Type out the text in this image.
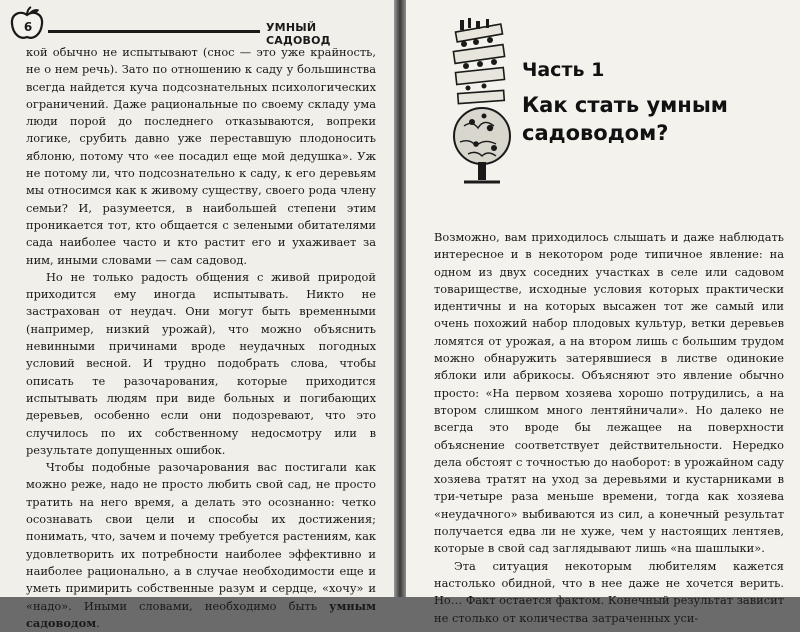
6	УМНЫЙ САДОВОД

кой обычно не испытывают (снос — это уже крайность, не о нем речь). Зато по отношению к саду у большинства всегда найдется куча подсознательных психологических ограничений. Даже рациональные по своему складу ума люди порой до последнего отказываются, вопреки логике, срубить давно уже переставшую плодоносить яблоню, потому что «ее посадил еще мой дедушка». Уж не потому ли, что подсознательно к саду, к его деревьям мы относимся как к живому существу, своего рода члену семьи? И, разумеется, в наибольшей степени этим проникается тот, кто общается с зелеными обитателями сада наиболее часто и кто растит его и ухаживает за ним, иными словами — сам садовод.

Но не только радость общения с живой природой приходится ему иногда испытывать. Никто не застрахован от неудач. Они могут быть временными (например, низкий урожай), что можно объяснить невинными причинами вроде неудачных погодных условий весной. И трудно подобрать слова, чтобы описать те разочарования, которые приходится испытывать людям при виде больных и погибающих деревьев, особенно если они подозревают, что это случилось по их собственному недосмотру или в результате допущенных ошибок.

Чтобы подобные разочарования вас постигали как можно реже, надо не просто любить свой сад, не просто тратить на него время, а делать это осознанно: четко осознавать свои цели и способы их достижения; понимать, что, зачем и почему требуется растениям, как удовлетворить их потребности наиболее эффективно и наиболее рационально, а в случае необходимости еще и уметь примирить собственные разум и сердце, «хочу» и «надо». Иными словами, необходимо быть умным садоводом.

Часть 1
Как стать умным садоводом?

Возможно, вам приходилось слышать и даже наблюдать интересное и в некотором роде типичное явление: на одном из двух соседних участках в селе или садовом товариществе, исходные условия которых практически идентичны и на которых высажен тот же самый или очень похожий набор плодовых культур, ветки деревьев ломятся от урожая, а на втором лишь с большим трудом можно обнаружить затерявшиеся в листве одинокие яблоки или абрикосы. Объясняют это явление обычно просто: «На первом хозяева хорошо потрудились, а на втором слишком много лентяйничали». Но далеко не всегда это вроде бы лежащее на поверхности объяснение соответствует действительности. Нередко дела обстоят с точностью до наоборот: в урожайном саду хозяева тратят на уход за деревьями и кустарниками в три-четыре раза меньше времени, тогда как хозяева «неудачного» выбиваются из сил, а конечный результат получается едва ли не хуже, чем у настоящих лентяев, которые в свой сад заглядывают лишь «на шашлыки».

Эта ситуация некоторым любителям кажется настолько обидной, что в нее даже не хочется верить. Но… Факт остается фактом. Конечный результат зависит не столько от количества затраченных уси-
